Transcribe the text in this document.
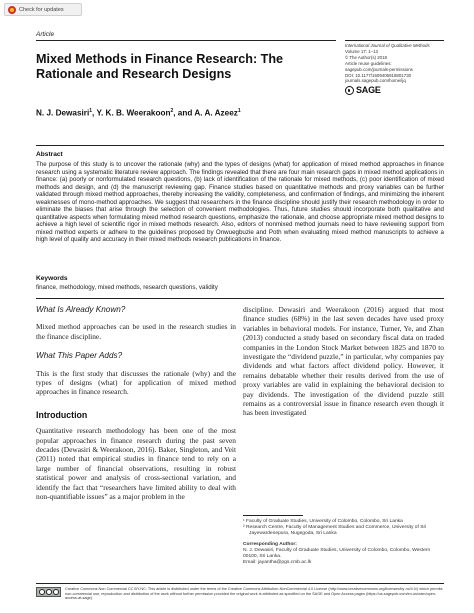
Check for updates
Article
International Journal of Qualitative Methods
Volume 17: 1–13
© The Author(s) 2018
Article reuse guidelines:
sagepub.com/journals-permissions
DOI: 10.1177/1609406918801730
journals.sagepub.com/home/ijq
SAGE
Mixed Methods in Finance Research: The Rationale and Research Designs
N. J. Dewasiri$^1$, Y. K. B. Weerakoon$^2$, and A. A. Azeez$^1$
Abstract

The purpose of this study is to uncover the rationale (why) and the types of designs (what) for application of mixed method approaches in finance research using a systematic literature review approach. The findings revealed that there are four main research gaps in mixed method applications in finance: (a) poorly or nonformulated research questions, (b) lack of identification of the rationale for mixed methods, (c) poor identification of mixed methods and design, and (d) the manuscript reviewing gap. Finance studies based on quantitative methods and proxy variables can be further validated through mixed method approaches, thereby increasing the validity, completeness, and confirmation of findings, and minimizing the inherent weaknesses of mono-method approaches. We suggest that researchers in the finance discipline should justify their research methodology in order to eliminate the biases that arise through the selection of convenient methodologies. Thus, future studies should incorporate both qualitative and quantitative aspects when formulating mixed method research questions, emphasize the rationale, and choose appropriate mixed method designs to achieve a high level of scientific rigor in mixed methods research. Also, editors of nonmixed method journals need to have reviewing support from mixed method experts or adhere to the guidelines proposed by Onwuegbuzie and Poth when evaluating mixed method manuscripts to achieve a high level of quality and accuracy in their mixed methods research publications in finance.

Keywords

finance, methodology, mixed methods, research questions, validity

What Is Already Known?

Mixed method approaches can be used in the research studies in the finance discipline.

What This Paper Adds?

This is the first study that discusses the rationale (why) and the types of designs (what) for application of mixed method approaches in finance research.

Introduction

Quantitative research methodology has been one of the most popular approaches in finance research during the past seven decades (Dewasiri & Weerakoon, 2016). Baker, Singleton, and Veit (2011) noted that empirical studies in finance tend to rely on a large number of financial observations, resulting in robust statistical power and analysis of cross-sectional variation, and identify the fact that “researchers have limited ability to deal with non-quantifiable issues” as a major problem in the

discipline. Dewasiri and Weerakoon (2016) argued that most finance studies (68%) in the last seven decades have used proxy variables in behavioral models. For instance, Turner, Ye, and Zhan (2013) conducted a study based on secondary fiscal data on traded companies in the London Stock Market between 1825 and 1870 to investigate the “dividend puzzle,” in particular, why companies pay dividends and what factors affect dividend policy. However, it remains debatable whether their results derived from the use of proxy variables are valid in explaining the behavioral decision to pay dividends. The investigation of the dividend puzzle still remains as a controversial issue in finance research even though it has been investigated

¹ Faculty of Graduate Studies, University of Colombo, Colombo, Sri Lanka
² Research Centre, Faculty of Management Studies and Commerce, University of Sri Jayewardenepura, Nugegoda, Sri Lanka
Corresponding Author:
N. J. Dewasiri, Faculty of Graduate Studies, University of Colombo, Colombo, Western 00100, Sri Lanka.
Email: jayantha@pgs.cmb.ac.lk

Creative Commons Non Commercial CC BY-NC: This article is distributed under the terms of the Creative Commons Attribution-NonCommercial 4.0 License (http://www.creativecommons.org/licenses/by-nc/4.0/) which permits non-commercial use, reproduction and distribution of the work without further permission provided the original work is attributed as specified on the SAGE and Open Access pages (https://us.sagepub.com/en-us/nam/open-access-at-sage).
